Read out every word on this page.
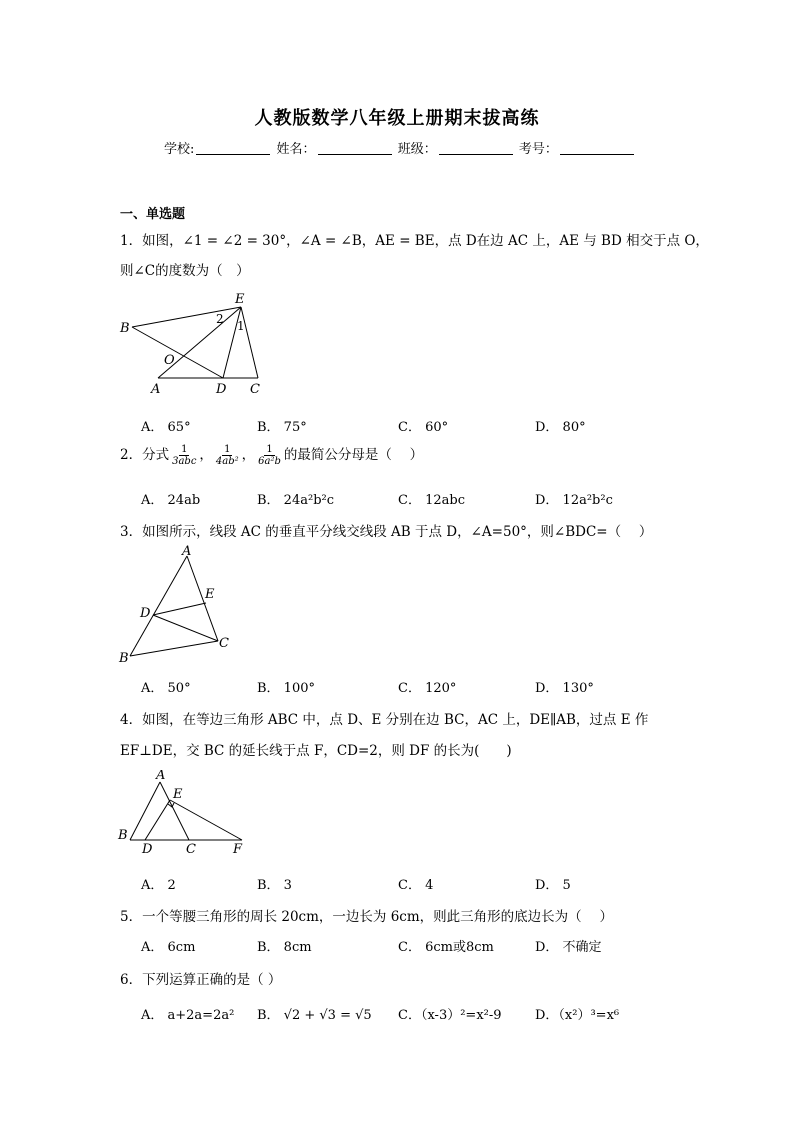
人教版数学八年级上册期末拔高练
学校:	姓名：	班级：	考号：
一、单选题
1．如图，∠1 = ∠2 = 30°，∠A = ∠B，AE = BE，点 D在边 AC 上，AE 与 BD 相交于点 O，
则∠C的度数为（　）
E
B
O
A	D C
1
2
A． 65°	B． 75°	C． 60°	D． 80°
2．分式 $\frac{1}{\text{3abc}}$ ， $\frac{1}{\text{4ab²}}$ ， $\frac{1}{\text{6a²b}}$ 的最简公分母是（　 ）
A． 24ab	B． 24a²b²c	C． 12abc	D． 12a²b²c
3．如图所示，线段 AC 的垂直平分线交线段 AB 于点 D，∠A=50°，则∠BDC=（　 ）
A
E
D
C
B
A． 50°	B． 100°	C． 120°	D． 130°
4．如图，在等边三角形 ABC 中，点 D、E 分别在边 BC，AC 上，DE∥AB，过点 E 作
EF⊥DE，交 BC 的延长线于点 F，CD=2，则 DF 的长为(　　)
A
E
B
D	C	F
A． 2	B． 3	C． 4	D． 5
5．一个等腰三角形的周长 20cm，一边长为 6cm，则此三角形的底边长为（　 ）
A． 6cm	B． 8cm	C． 6cm或8cm	D． 不确定
6．下列运算正确的是（ ）
A． a+2a=2a² B． √2 + √3 = √5 C．（x-3）²=x²-9	D．（x²）³=x⁶
